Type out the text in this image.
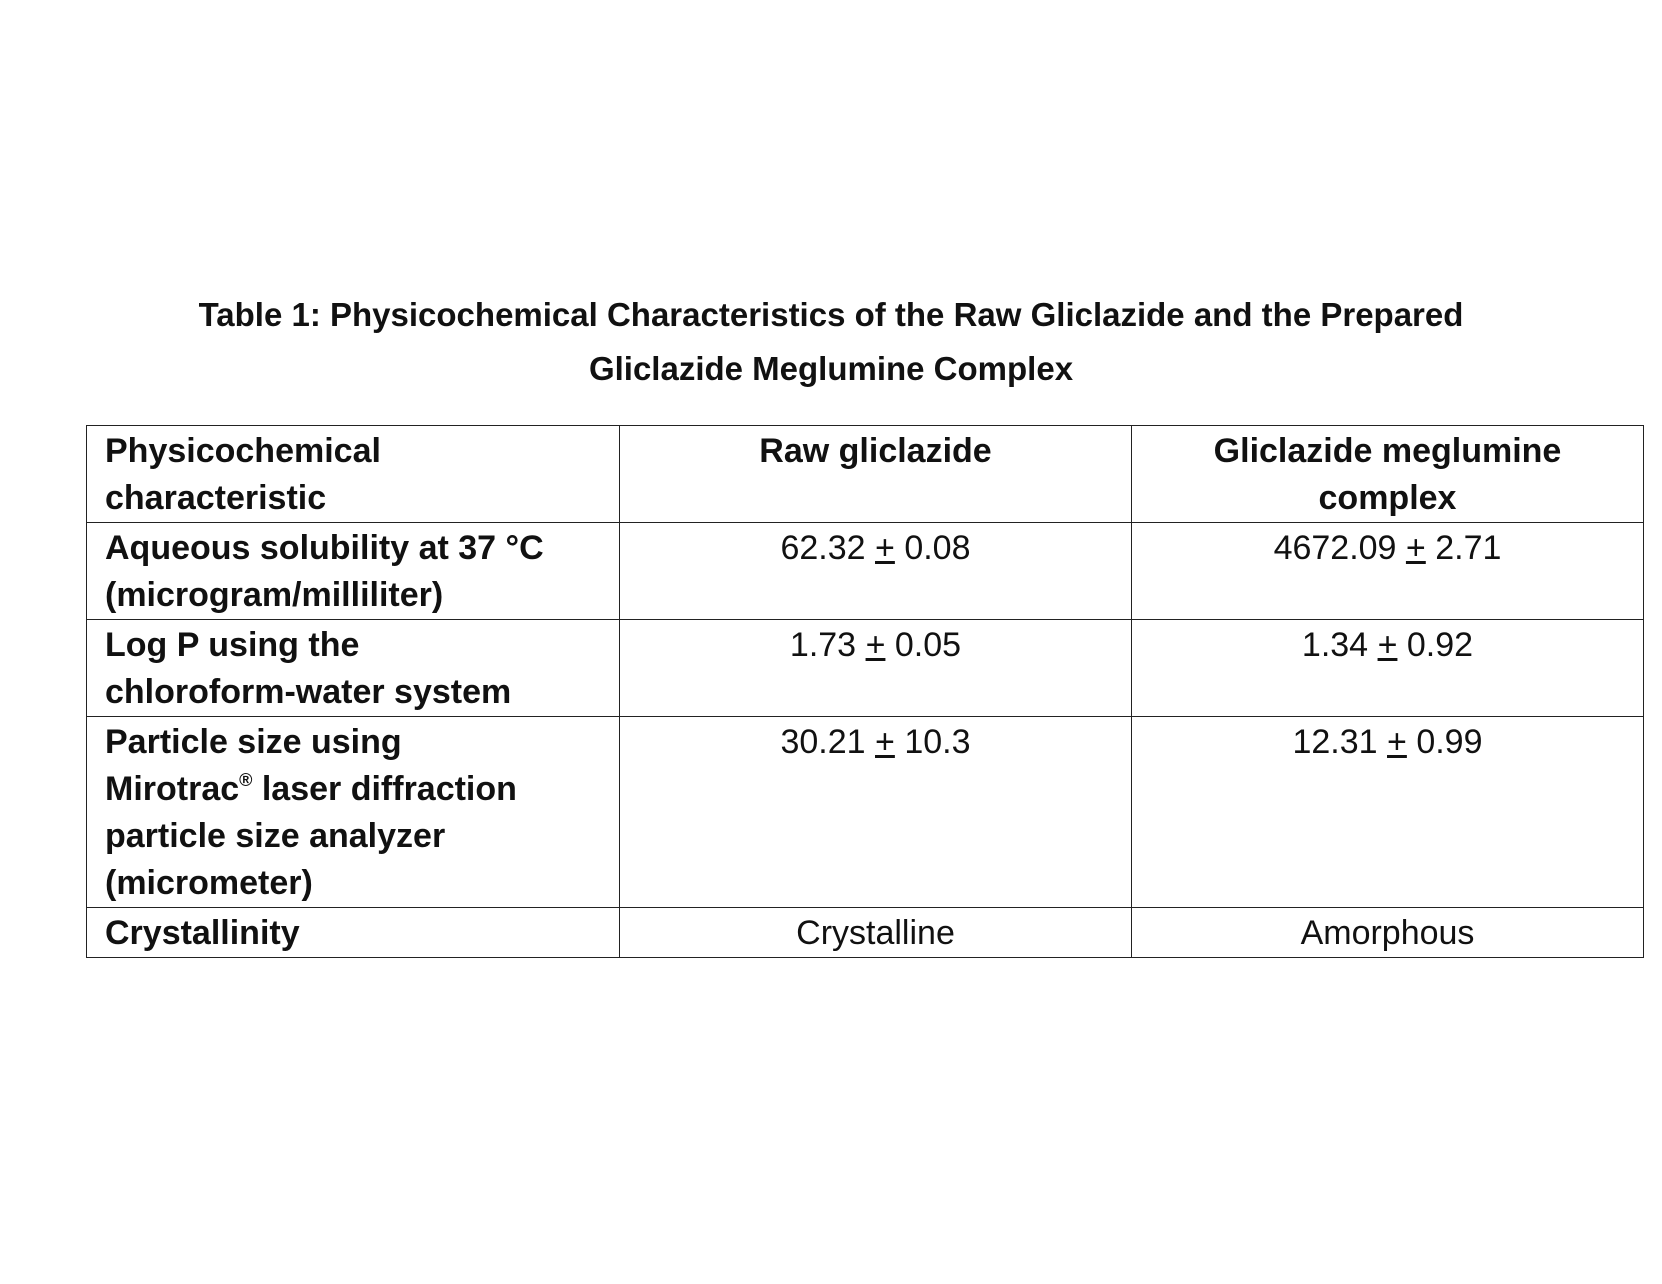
Table 1: Physicochemical Characteristics of the Raw Gliclazide and the Prepared
Gliclazide Meglumine Complex
Physicochemical
characteristic	Raw gliclazide	Gliclazide meglumine
complex

Aqueous solubility at 37 °C
(microgram/milliliter)	62.32 + 0.08	4672.09 + 2.71

Log P using the
chloroform-water system	1.73 + 0.05	1.34 + 0.92

Particle size using
Mirotrac® laser diffraction
particle size analyzer
(micrometer)	30.21 + 10.3	12.31 + 0.99
Crystallinity	Crystalline	Amorphous
